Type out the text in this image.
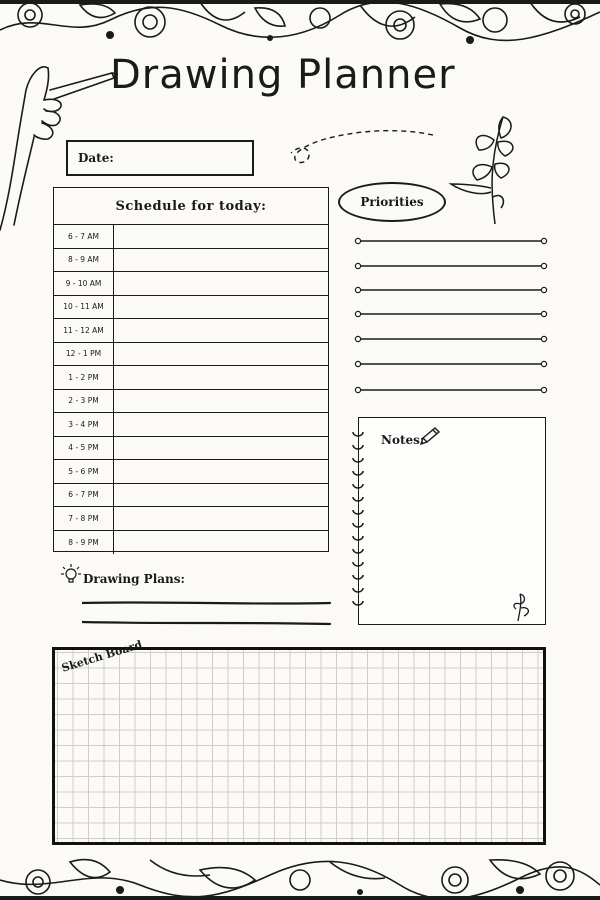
Drawing Planner
Date:
Schedule for today:
6 - 7 AM
8 - 9 AM
9 - 10 AM
10 - 11 AM
11 - 12 AM
12 - 1 PM
1 - 2 PM
2 - 3 PM
3 - 4 PM
4 - 5 PM
5 - 6 PM
6 - 7 PM
7 - 8 PM
8 - 9 PM
Priorities
Notes:
Drawing Plans:
Sketch Board
